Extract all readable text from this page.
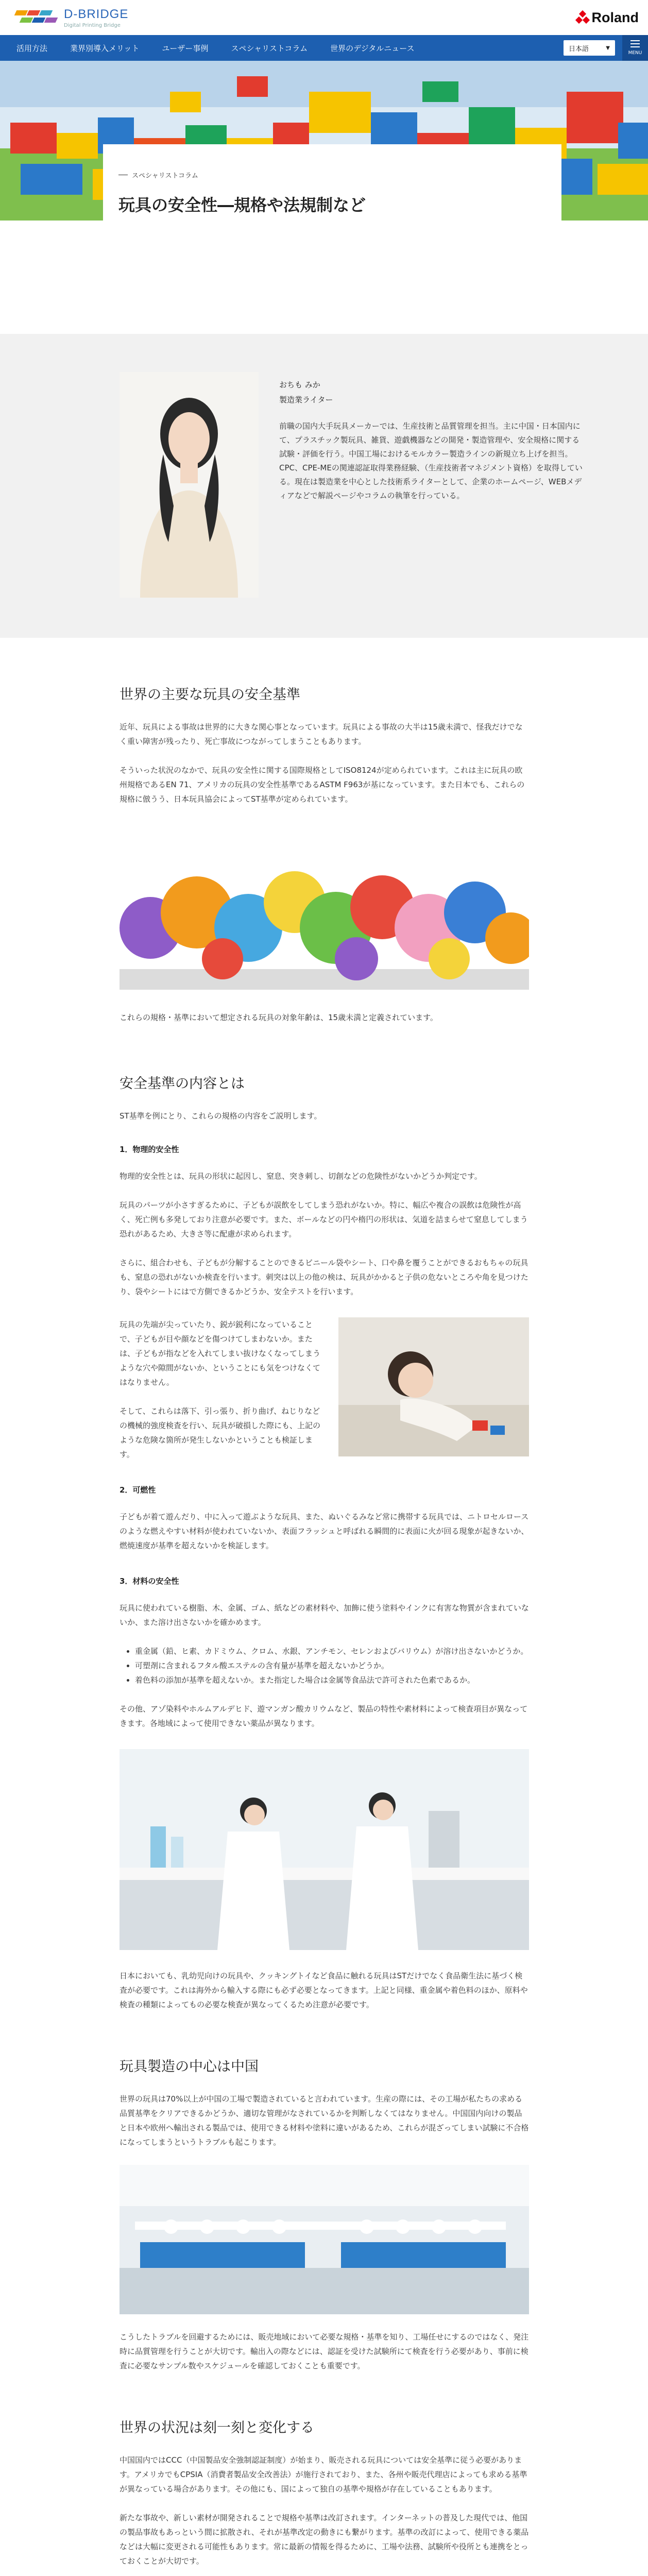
D-BRIDGE
Digital Printing Bridge
Roland
活用方法	業界別導入メリット	ユーザー事例	スペシャリストコラム	世界のデジタルニュース	日本語	▼
MENU
スペシャリストコラム
玩具の安全性―規格や法規制など
おちも みか
製造業ライター
前職の国内大手玩具メーカーでは、生産技術と品質管理を担当。主に中国・日本国内にて、プラスチック製玩具、雑貨、遊戯機器などの開発・製造管理や、安全規格に関する試験・評価を行う。中国工場におけるモルカラー製造ラインの新規立ち上げを担当。CPC、CPE-MEの関連認証取得業務経験、（生産技術者マネジメント資格）を取得している。現在は製造業を中心とした技術系ライターとして、企業のホームページ、WEBメディアなどで解説ページやコラムの執筆を行っている。
世界の主要な玩具の安全基準

近年、玩具による事故は世界的に大きな関心事となっています。玩具による事故の大半は15歳未満で、怪我だけでなく重い障害が残ったり、死亡事故につながってしまうこともあります。

そういった状況のなかで、玩具の安全性に関する国際規格としてISO8124が定められています。これは主に玩具の欧州規格であるEN 71、アメリカの玩具の安全性基準であるASTM F963が基になっています。また日本でも、これらの規格に倣うう、日本玩具協会によってST基準が定められています。

これらの規格・基準において想定される玩具の対象年齢は、15歳未満と定義されています。

安全基準の内容とは

ST基準を例にとり、これらの規格の内容をご説明します。

1．物理的安全性

物理的安全性とは、玩具の形状に起因し、窒息、突き刺し、切創などの危険性がないかどうか判定です。

玩具のパーツが小さすぎるために、子どもが誤飲をしてしまう恐れがないか。特に、幅広や複合の誤飲は危険性が高く、死亡例も多発しており注意が必要です。また、ボールなどの円や楕円の形状は、気道を詰まらせて窒息してしまう恐れがあるため、大きさ等に配慮が求められます。

さらに、組合わせも、子どもが分解することのできるビニール袋やシート、口や鼻を覆うことができるおもちゃの玩具も、窒息の恐れがないか検査を行います。刺突は以上の他の検は、玩具がかかると子供の危ないところや角を見つけたり、袋やシートにはで方側できるかどうか、安全テストを行います。

玩具の先端が尖っていたり、鋭が鋭利になっていることで、子どもが目や顔などを傷つけてしまわないか。または、子どもが指などを入れてしまい抜けなくなってしまうような穴や隙間がないか、ということにも気をつけなくてはなりません。

そして、これらは落下、引っ張り、折り曲げ、ねじりなどの機械的強度検査を行い、玩具が破損した際にも、上記のような危険な箇所が発生しないかということも検証します。

2．可燃性

子どもが着て遊んだり、中に入って遊ぶような玩具、また、ぬいぐるみなど常に携帯する玩具では、ニトロセルロースのような燃えやすい材料が使われていないか、表面フラッシュと呼ばれる瞬間的に表面に火が回る現象が起きないか、燃焼速度が基準を超えないかを検証します。

3．材料の安全性

玩具に使われている樹脂、木、金属、ゴム、紙などの素材料や、加飾に使う塗料やインクに有害な物質が含まれていないか、また溶け出さないかを確かめます。

• 重金属（鉛、ヒ素、カドミウム、クロム、水銀、アンチモン、セレンおよびバリウム）が溶け出さないかどうか。
• 可塑剤に含まれるフタル酸エステルの含有量が基準を超えないかどうか。
• 着色料の添加が基準を超えないか。また指定した場合は金属等食品法で許可された色素であるか。

その他、アゾ染料やホルムアルデヒド、遊マンガン酸カリウムなど、製品の特性や素材料によって検査項目が異なってきます。各地域によって使用できない薬品が異なります。

日本においても、乳幼児向けの玩具や、クッキングトイなど食品に触れる玩具はSTだけでなく食品衛生法に基づく検査が必要です。これは海外から輸入する際にも必ず必要となってきます。上記と同様、重金属や着色料のほか、原料や検査の種類によってもの必要な検査が異なってくるため注意が必要です。

玩具製造の中心は中国

世界の玩具は70%以上が中国の工場で製造されていると言われています。生産の際には、その工場が私たちの求める品質基準をクリアできるかどうか、適切な管理がなされているかを判断しなくてはなりません。中国国内向けの製品と日本や欧州へ輸出される製品では、使用できる材料や塗料に違いがあるため、これらが混ざってしまい試験に不合格になってしまうというトラブルも起こります。

こうしたトラブルを回避するためには、販売地域において必要な規格・基準を知り、工場任せにするのではなく、発注時に品質管理を行うことが大切です。輸出入の際などには、認証を受けた試験所にて検査を行う必要があり、事前に検査に必要なサンプル数やスケジュールを確認しておくことも重要です。

世界の状況は刻一刻と変化する

中国国内ではCCC（中国製品安全強制認証制度）が始まり、販売される玩具については安全基準に従う必要があります。アメリカでもCPSIA（消費者製品安全改善法）が施行されており、また、各州や販売代理店によっても求める基準が異なっている場合があります。その他にも、国によって独自の基準や規格が存在していることもあります。

新たな事故や、新しい素材が開発されることで規格や基準は改訂されます。インターネットの普及した現代では、他国の製品事故もあっという間に拡散され、それが基準改定の動きにも繋がります。基準の改訂によって、使用できる薬品などは大幅に変更される可能性もあります。常に最新の情報を得るために、工場や法務、試験所や役所とも連携をとっておくことが大切です。
